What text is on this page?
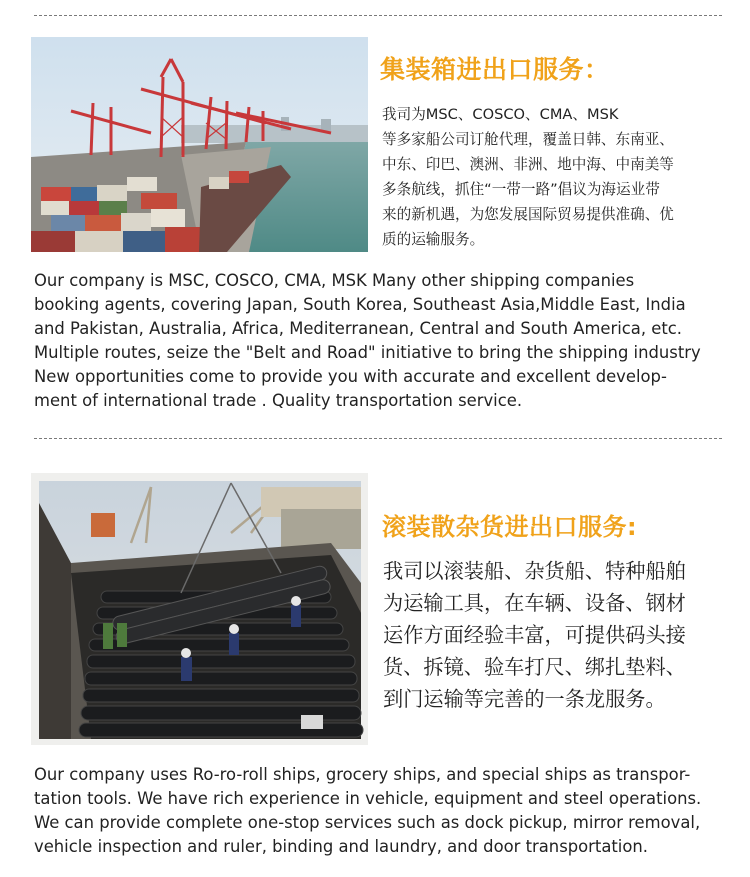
集装箱进出口服务：
我司为MSC、COSCO、CMA、MSK
等多家船公司订舱代理，覆盖日韩、东南亚、
中东、印巴、澳洲、非洲、地中海、中南美等
多条航线，抓住“一带一路”倡议为海运业带
来的新机遇，为您发展国际贸易提供准确、优
质的运输服务。
Our company is MSC, COSCO, CMA, MSK Many other shipping companies
booking agents, covering Japan, South Korea, Southeast Asia,Middle East, India
and Pakistan, Australia, Africa, Mediterranean, Central and South America, etc.
Multiple routes, seize the "Belt and Road" initiative to bring the shipping industry
New opportunities come to provide you with accurate and excellent develop-
ment of international trade . Quality transportation service.
滚装散杂货进出口服务:
我司以滚装船、杂货船、特种船舶
为运输工具，在车辆、设备、钢材
运作方面经验丰富，可提供码头接
货、拆镜、验车打尺、绑扎垫料、
到门运输等完善的一条龙服务。
Our company uses Ro-ro-roll ships, grocery ships, and special ships as transpor-
tation tools. We have rich experience in vehicle, equipment and steel operations.
We can provide complete one-stop services such as dock pickup, mirror removal,
vehicle inspection and ruler, binding and laundry, and door transportation.
